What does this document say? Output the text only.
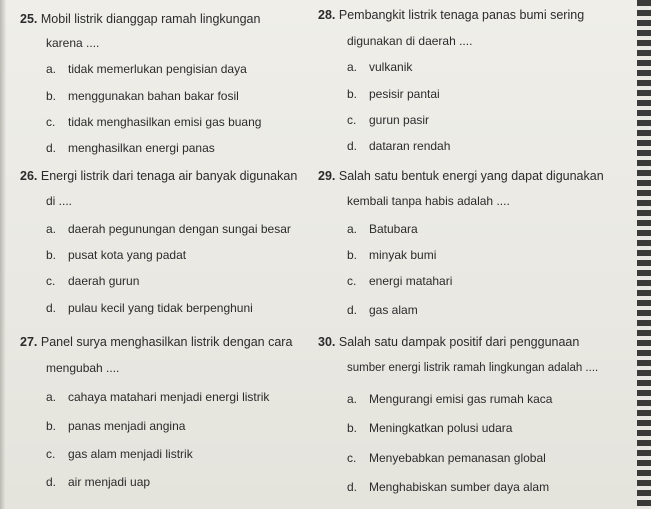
25. Mobil listrik dianggap ramah lingkungan
karena ....
a. tidak memerlukan pengisian daya
b. menggunakan bahan bakar fosil
c. tidak menghasilkan emisi gas buang
d. menghasilkan energi panas
26. Energi listrik dari tenaga air banyak digunakan
di ....
a. daerah pegunungan dengan sungai besar
b. pusat kota yang padat
c. daerah gurun
d. pulau kecil yang tidak berpenghuni
27. Panel surya menghasilkan listrik dengan cara
mengubah ....
a. cahaya matahari menjadi energi listrik
b. panas menjadi angina
c. gas alam menjadi listrik
d. air menjadi uap
28. Pembangkit listrik tenaga panas bumi sering
digunakan di daerah ....
a. vulkanik
b. pesisir pantai
c. gurun pasir
d. dataran rendah
29. Salah satu bentuk energi yang dapat digunakan
kembali tanpa habis adalah ....
a. Batubara
b. minyak bumi
c. energi matahari
d. gas alam
30. Salah satu dampak positif dari penggunaan
sumber energi listrik ramah lingkungan adalah ....
a. Mengurangi emisi gas rumah kaca
b. Meningkatkan polusi udara
c. Menyebabkan pemanasan global
d. Menghabiskan sumber daya alam
